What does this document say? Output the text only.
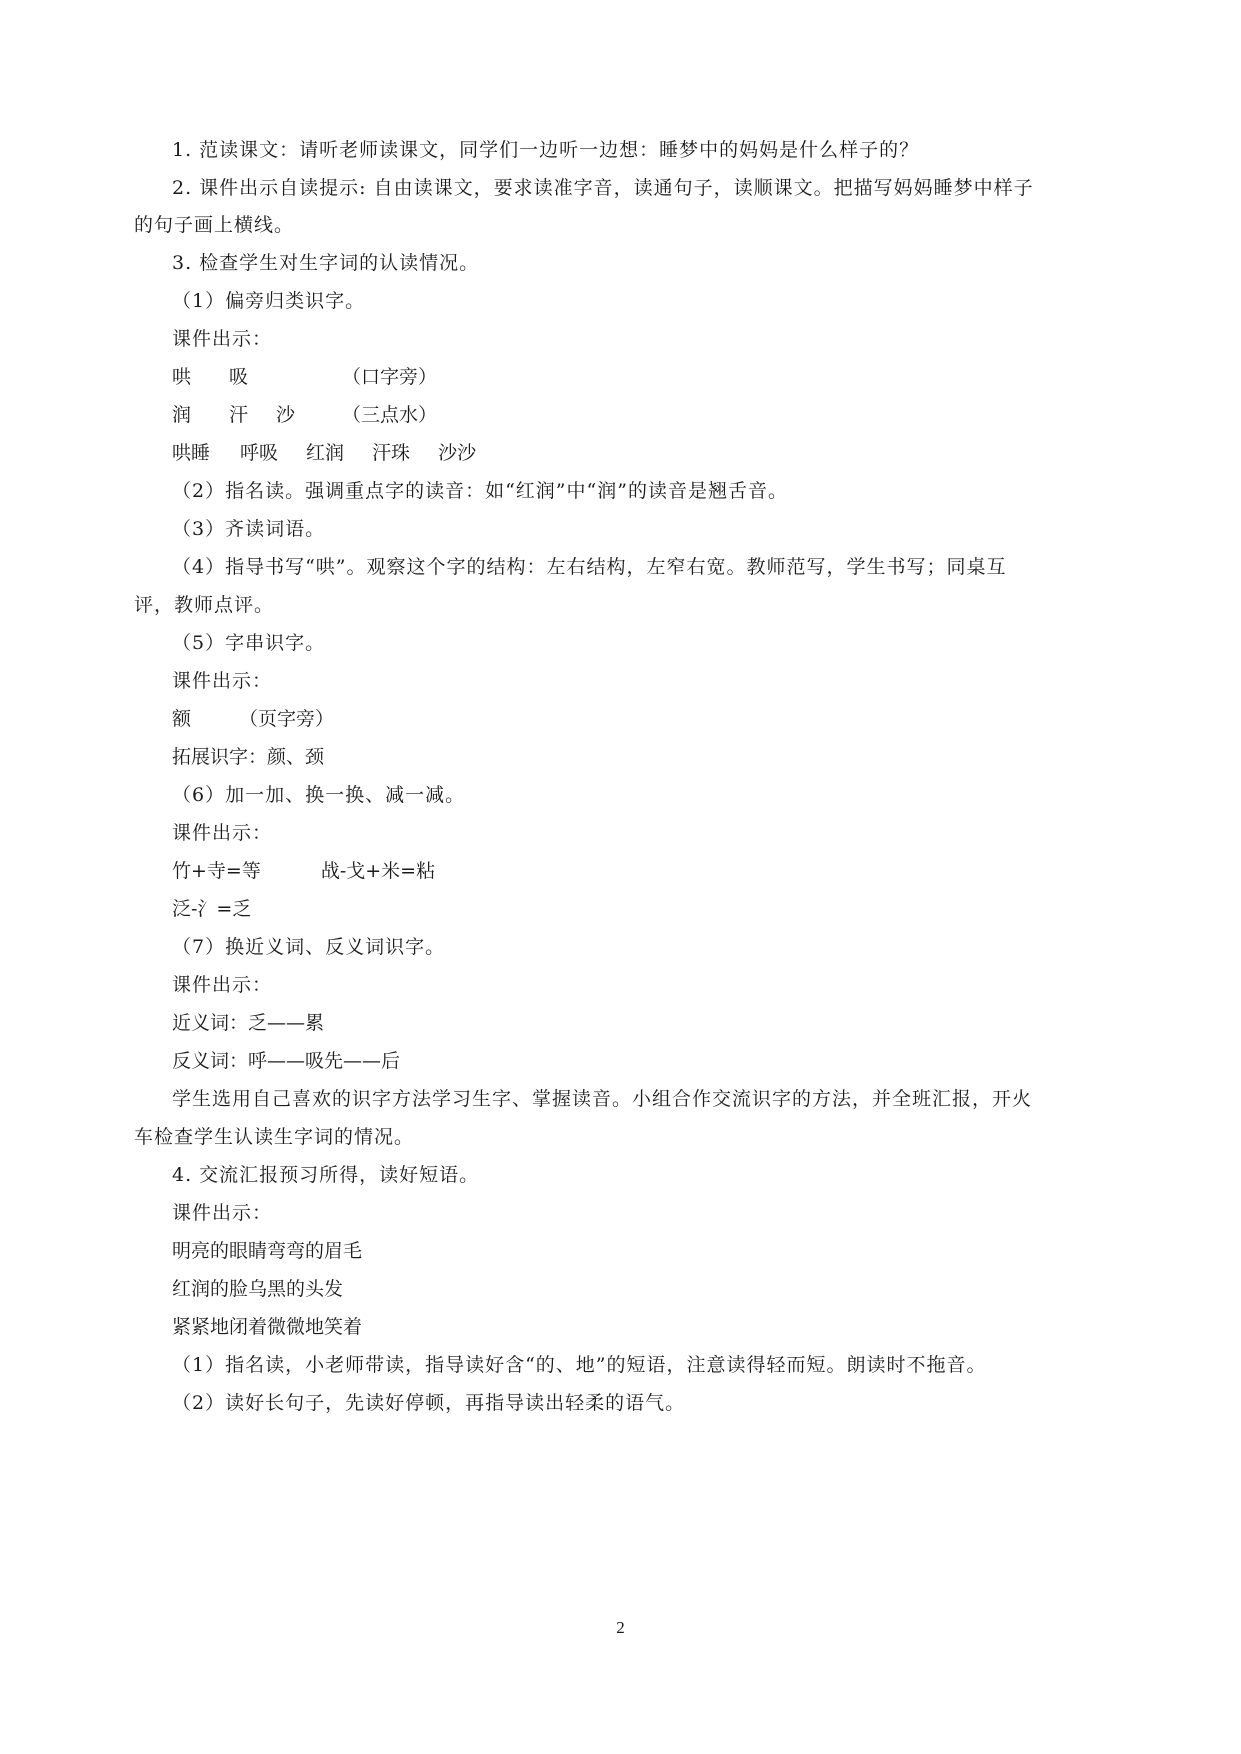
1. 范读课文：请听老师读课文，同学们一边听一边想：睡梦中的妈妈是什么样子的？
2. 课件出示自读提示: 自由读课文，要求读准字音，读通句子，读顺课文。把描写妈妈睡梦中样子
的句子画上横线。
3. 检查学生对生字词的认读情况。
（1）偏旁归类识字。
课件出示：
哄 吸	（口字旁）
润 汗 沙 （三点水）
哄睡 呼吸 红润 汗珠 沙沙
（2）指名读。强调重点字的读音：如“红润”中“润”的读音是翘舌音。
（3）齐读词语。
（4）指导书写“哄”。观察这个字的结构：左右结构，左窄右宽。教师范写，学生书写；同桌互
评，教师点评。
（5）字串识字。
课件出示：
额	（页字旁）
拓展识字：颜、颈
（6）加一加、换一换、减一减。
课件出示：
竹+寺=等	战-戈+米=粘
泛-氵=乏
（7）换近义词、反义词识字。
课件出示：
近义词：乏——累
反义词：呼——吸先——后
学生选用自己喜欢的识字方法学习生字、掌握读音。小组合作交流识字的方法，并全班汇报，开火
车检查学生认读生字词的情况。
4. 交流汇报预习所得，读好短语。
课件出示：
明亮的眼睛弯弯的眉毛
红润的脸乌黑的头发
紧紧地闭着微微地笑着
（1）指名读，小老师带读，指导读好含“的、地”的短语，注意读得轻而短。朗读时不拖音。
（2）读好长句子，先读好停顿，再指导读出轻柔的语气。
2
